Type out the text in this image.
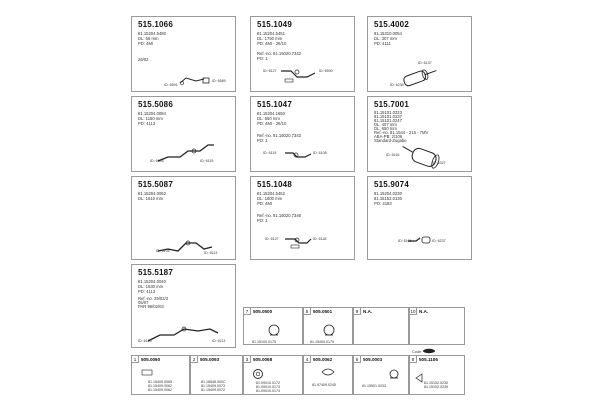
515.1066
81.15204.5480
DL: 56 mm
PD: 4MI
26/02
ID: 6591
ID: 6589
515.1049
81.15204.5451
DL: 1750 mm
PD: 4MI - 26/10
Ref.-no. 81.15020.7342
PO: 1
ID: 6127	ID: 6590
515.4002
81.15310.0054
DL: 307 mm
PD: 4111
ID: 6137
ID: 6236
515.5086
81.15204.0084
DL: 1150 mm
PD: 4113
ID: 6105	ID: 6115
515.1047
81.15204.1650
DL: 650 mm
PD: 4MI - 26/10
Ref.-no. 81.15020.7343
PO: 1
ID: 6119	ID: 6108
515.7001
81.15101.0223
81.15101.0237
81.15101.0247
DL: 407 mm
DL: 650 mm
Ref.-no. 81.1544 - 215 - 7MV
ABA-PB: 2/106
Standard-Zugabe
ID: 6116
ID: 6327
515.5087
81.15204.0062
DL: 1610 mm
ID: 6105	ID: 6113
515.1048
81.15204.5452
DL: 1800 mm
PD: 4MI
Ref.-no. 81.15020.7346
PO: 1
ID: 6127	ID: 6118
515.9074
81.15204.0230
81.15152.0130
PO: 4183
ID: 6106	ID: 6237
515.5187
81.15204.0040
DL: 1630 mm
PD: 4113
Ref.-no. 29/02/3
05/07
PAR 96/02/03
ID: 6125	ID: 6113
7	505.0500
81.15100.0175
5	505.0501
81.15400.0175
9	N.A.	10 N.A.
Code
1	505.0060
81.15409.0065
81.15409.0062
81.15409.0062
2	505.0093
81.18548.000C
81.15409.0073
81.15409.0072
3	505.0068
81.09010.0172
81.09010.0173
81.09010.0174
4	505.0062
81.97409.0245
6	505.0003
81.15501.0033
8	505.1106
81.15152.0230
81.15152.0239
